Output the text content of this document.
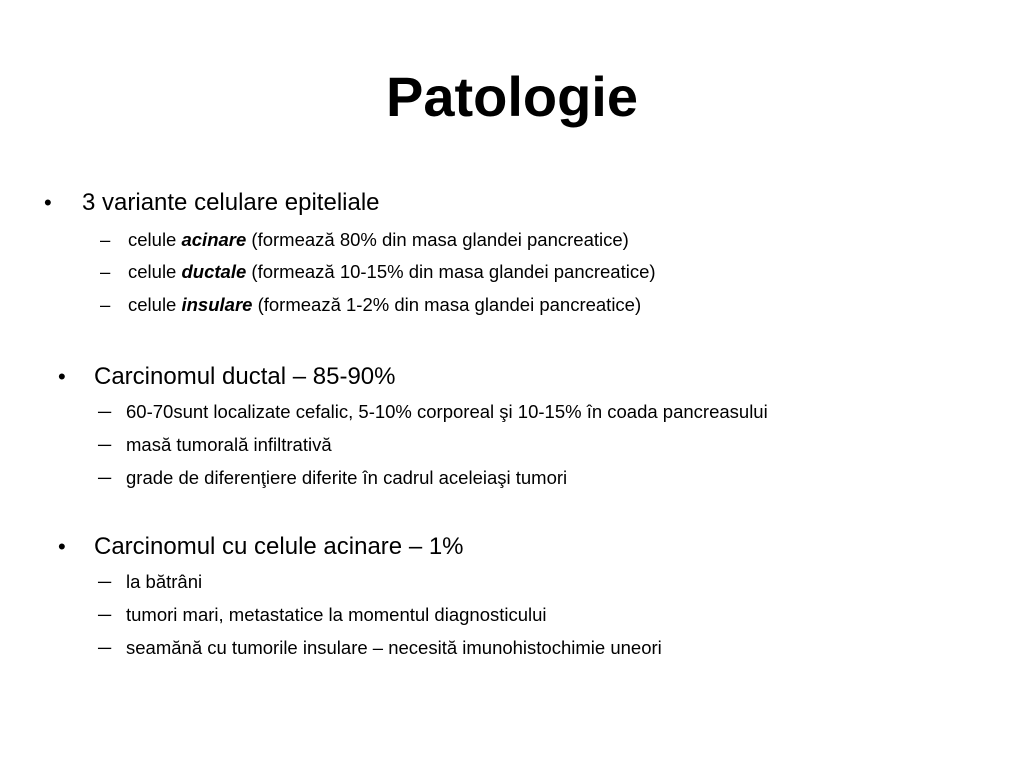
Patologie
• 3 variante celulare epiteliale
– celule acinare (formează 80% din masa glandei pancreatice)
– celule ductale (formează 10-15% din masa glandei pancreatice)
– celule insulare (formează 1-2% din masa glandei pancreatice)
• Carcinomul ductal – 85-90%
─ 60-70sunt localizate cefalic, 5-10% corporeal şi 10-15% în coada pancreasului
─ masă tumorală infiltrativă
─ grade de diferenţiere diferite în cadrul aceleiaşi tumori
• Carcinomul cu celule acinare – 1%
─ la bătrâni
─ tumori mari, metastatice la momentul diagnosticului
─ seamănă cu tumorile insulare – necesită imunohistochimie uneori
